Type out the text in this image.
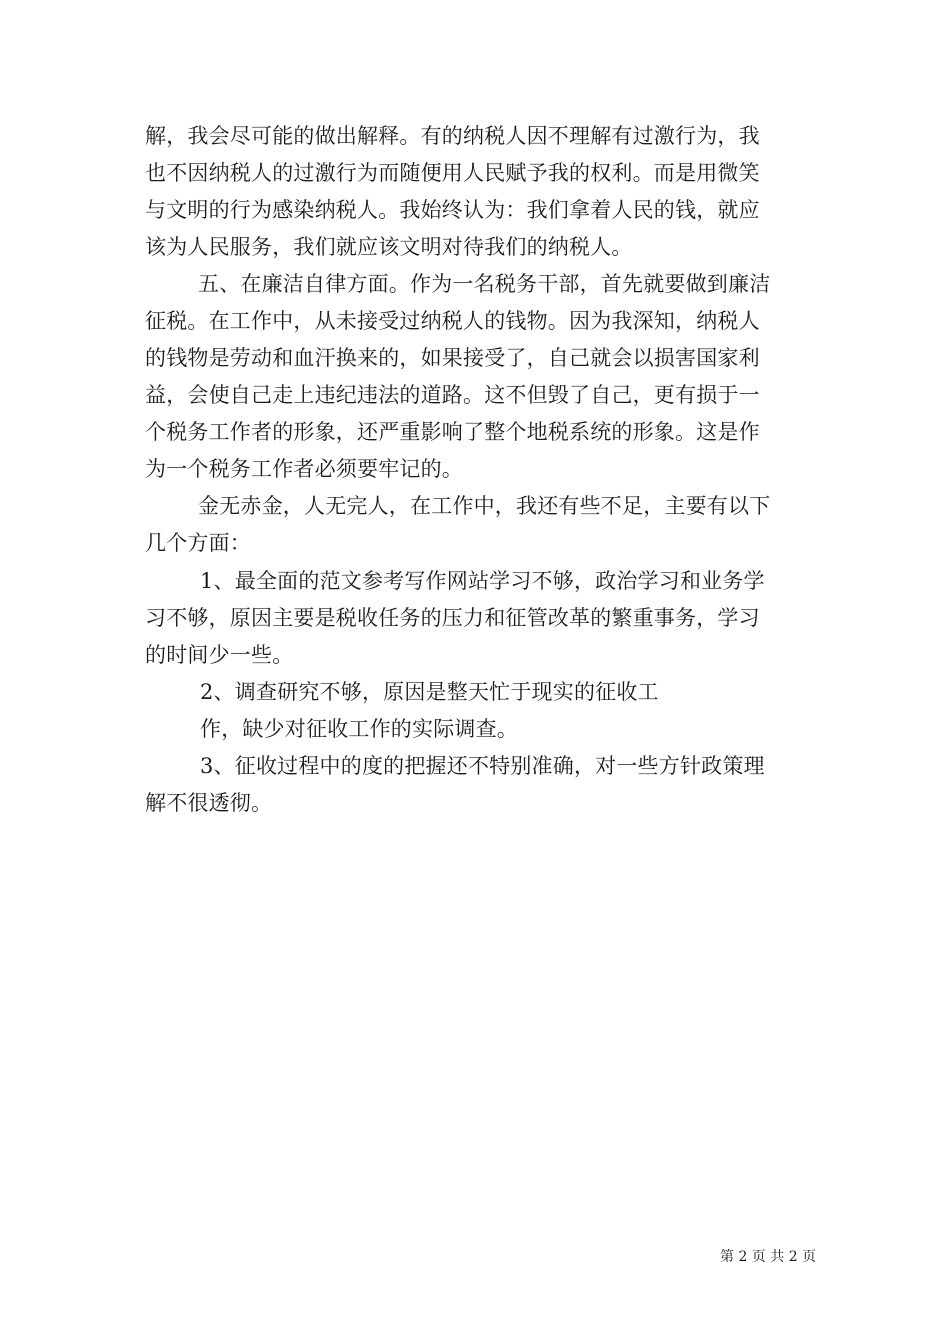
解，我会尽可能的做出解释。有的纳税人因不理解有过激行为，我
也不因纳税人的过激行为而随便用人民赋予我的权利。而是用微笑
与文明的行为感染纳税人。我始终认为：我们拿着人民的钱，就应
该为人民服务，我们就应该文明对待我们的纳税人。
五、在廉洁自律方面。作为一名税务干部，首先就要做到廉洁
征税。在工作中，从未接受过纳税人的钱物。因为我深知，纳税人
的钱物是劳动和血汗换来的，如果接受了，自己就会以损害国家利
益，会使自己走上违纪违法的道路。这不但毁了自己，更有损于一
个税务工作者的形象，还严重影响了整个地税系统的形象。这是作
为一个税务工作者必须要牢记的。
金无赤金，人无完人，在工作中，我还有些不足，主要有以下
几个方面：
1、最全面的范文参考写作网站学习不够，政治学习和业务学
习不够，原因主要是税收任务的压力和征管改革的繁重事务，学习
的时间少一些。
2、调查研究不够，原因是整天忙于现实的征收工
作，缺少对征收工作的实际调查。
3、征收过程中的度的把握还不特别准确，对一些方针政策理
解不很透彻。
第 2 页 共 2 页
